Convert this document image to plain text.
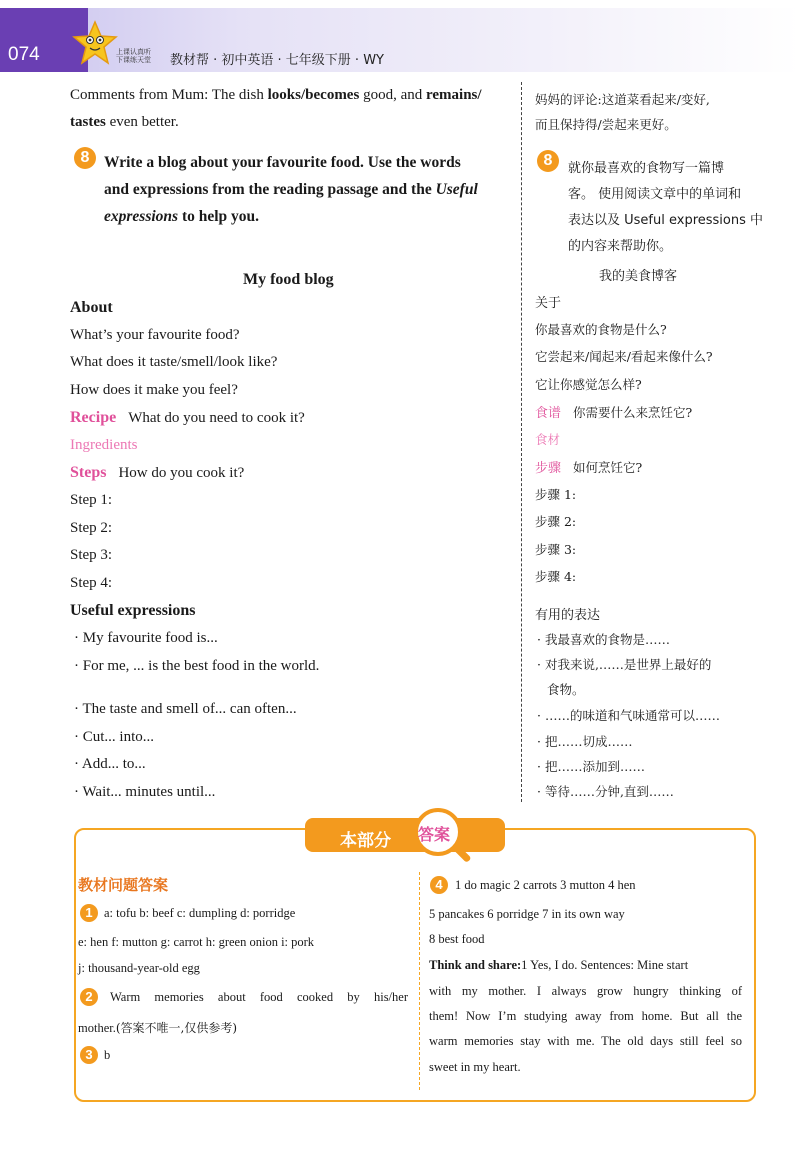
074	上课认真听
下课练天堂 教材帮 · 初中英语 · 七年级下册 · WY
Comments from Mum: The dish looks/becomes good, and remains/
tastes even better.
8 Write a blog about your favourite food. Use the words
and expressions from the reading passage and the Useful
expressions to help you.
My food blog
About
What’s your favourite food?
What does it taste/smell/look like?
How does it make you feel?
Recipe What do you need to cook it?
Ingredients
Steps How do you cook it?
Step 1:
Step 2:
Step 3:
Step 4:
Useful expressions
· My favourite food is...
· For me, ... is the best food in the world.
· The taste and smell of... can often...
· Cut... into...
· Add... to...
· Wait... minutes until...
妈妈的评论:这道菜看起来/变好,
而且保持得/尝起来更好。
8	就你最喜欢的食物写一篇博
客。 使用阅读文章中的单词和
表达以及 Useful expressions 中
的内容来帮助你。
我的美食博客
关于
你最喜欢的食物是什么?
它尝起来/闻起来/看起来像什么?
它让你感觉怎么样?
食谱 你需要什么来烹饪它?
食材
步骤 如何烹饪它?
步骤 1:
步骤 2:
步骤 3:
步骤 4:
有用的表达
· 我最喜欢的食物是……
· 对我来说,……是世界上最好的
食物。
· ……的味道和气味通常可以……
· 把……切成……
· 把……添加到……
· 等待……分钟,直到……
本部分 答案
教材问题答案
1 a: tofu b: beef c: dumpling d: porridge
e: hen f: mutton g: carrot h: green onion i: pork
j: thousand-year-old egg
2	Warm memories about food cooked by his/her
mother.(答案不唯一,仅供参考)
3 b
4 1 do magic 2 carrots 3 mutton 4 hen
5 pancakes 6 porridge 7 in its own way
8 best food
Think and share:1 Yes, I do. Sentences: Mine start
with my mother. I always grow hungry thinking of
them! Now I’m studying away from home. But all the
warm memories stay with me. The old days still feel so
sweet in my heart.
